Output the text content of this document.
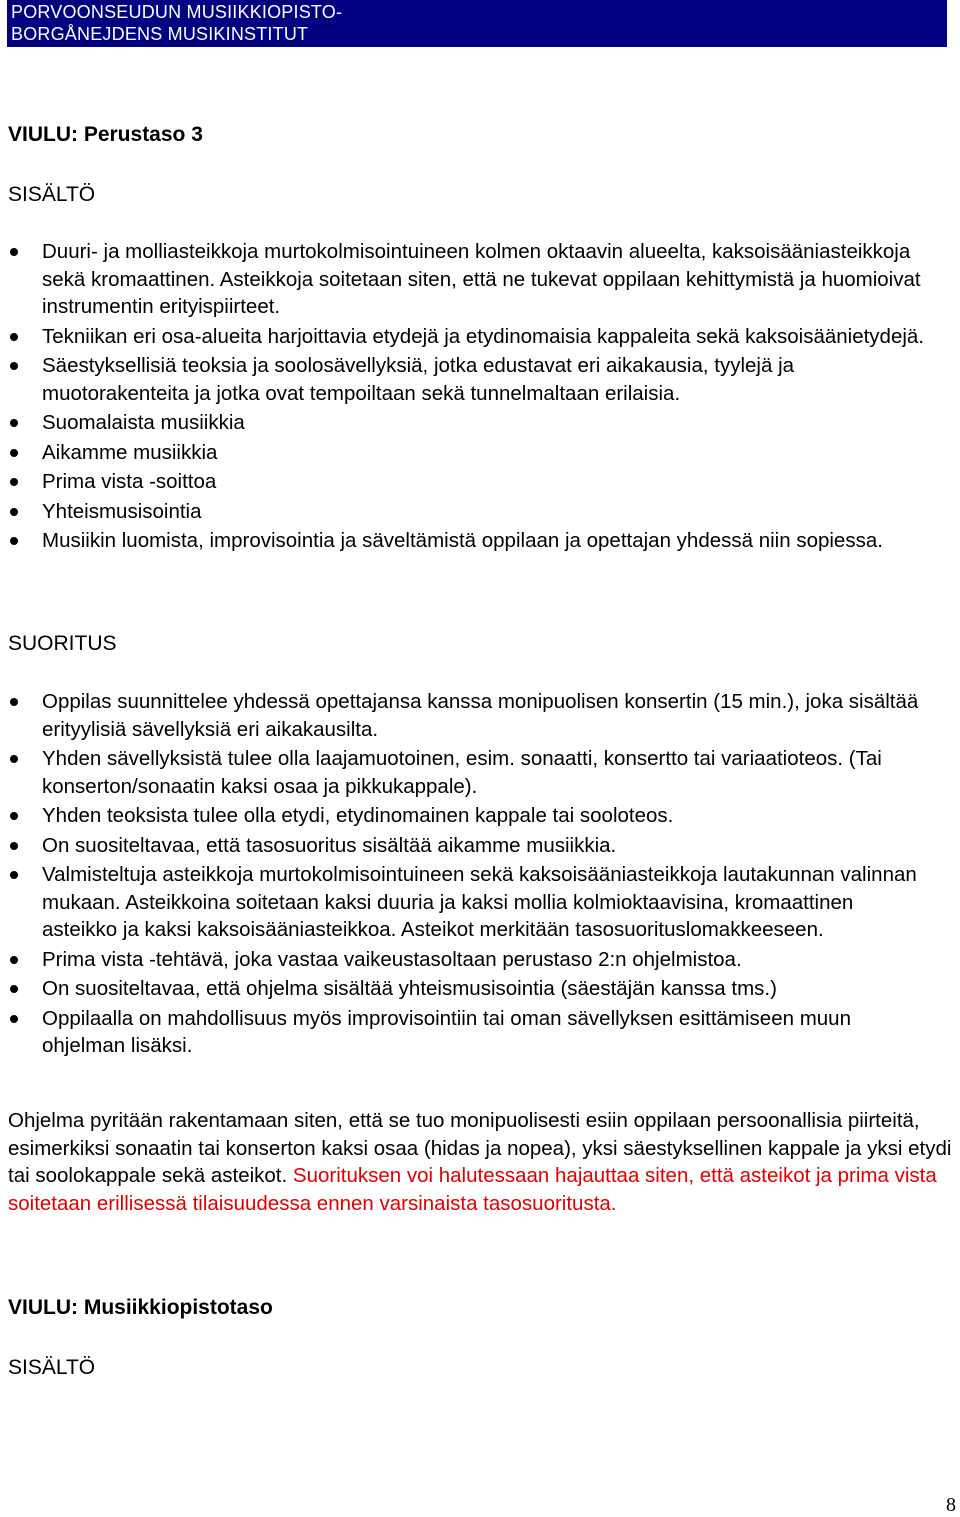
PORVOONSEUDUN MUSIIKKIOPISTO-
BORGÅNEJDENS MUSIKINSTITUT
VIULU: Perustaso 3
SISÄLTÖ
Duuri- ja molliasteikkoja murtokolmisointuineen kolmen oktaavin alueelta, kaksoisääniasteikkoja sekä kromaattinen. Asteikkoja soitetaan siten, että ne tukevat oppilaan kehittymistä ja huomioivat instrumentin erityispiirteet.
Tekniikan eri osa-alueita harjoittavia etydejä ja etydinomaisia kappaleita sekä kaksoisäänietydejä.
Säestyksellisiä teoksia ja soolosävellyksiä, jotka edustavat eri aikakausia, tyylejä ja muotorakenteita ja jotka ovat tempoiltaan sekä tunnelmaltaan erilaisia.
Suomalaista musiikkia
Aikamme musiikkia
Prima vista -soittoa
Yhteismusisointia
Musiikin luomista, improvisointia ja säveltämistä oppilaan ja opettajan yhdessä niin sopiessa.
SUORITUS
Oppilas suunnittelee yhdessä opettajansa kanssa monipuolisen konsertin (15 min.), joka sisältää erityylisiä sävellyksiä eri aikakausilta.
Yhden sävellyksistä tulee olla laajamuotoinen, esim. sonaatti, konsertto tai variaatioteos. (Tai konserton/sonaatin kaksi osaa ja pikkukappale).
Yhden teoksista tulee olla etydi, etydinomainen kappale tai sooloteos.
On suositeltavaa, että tasosuoritus sisältää aikamme musiikkia.
Valmisteltuja asteikkoja murtokolmisointuineen sekä kaksoisääniasteikkoja lautakunnan valinnan mukaan. Asteikkoina soitetaan kaksi duuria ja kaksi mollia kolmioktaavisina, kromaattinen asteikko ja kaksi kaksoisääniasteikkoa. Asteikot merkitään tasosuorituslomakkeeseen.
Prima vista -tehtävä, joka vastaa vaikeustasoltaan perustaso 2:n ohjelmistoa.
On suositeltavaa, että ohjelma sisältää yhteismusisointia (säestäjän kanssa tms.)
Oppilaalla on mahdollisuus myös improvisointiin tai oman sävellyksen esittämiseen muun ohjelman lisäksi.
Ohjelma pyritään rakentamaan siten, että se tuo monipuolisesti esiin oppilaan persoonallisia piirteitä, esimerkiksi sonaatin tai konserton kaksi osaa (hidas ja nopea), yksi säestyksellinen kappale ja yksi etydi tai soolokappale sekä asteikot. Suorituksen voi halutessaan hajauttaa siten, että asteikot ja prima vista soitetaan erillisessä tilaisuudessa ennen varsinaista tasosuoritusta.
VIULU: Musiikkiopistotaso
SISÄLTÖ
8
